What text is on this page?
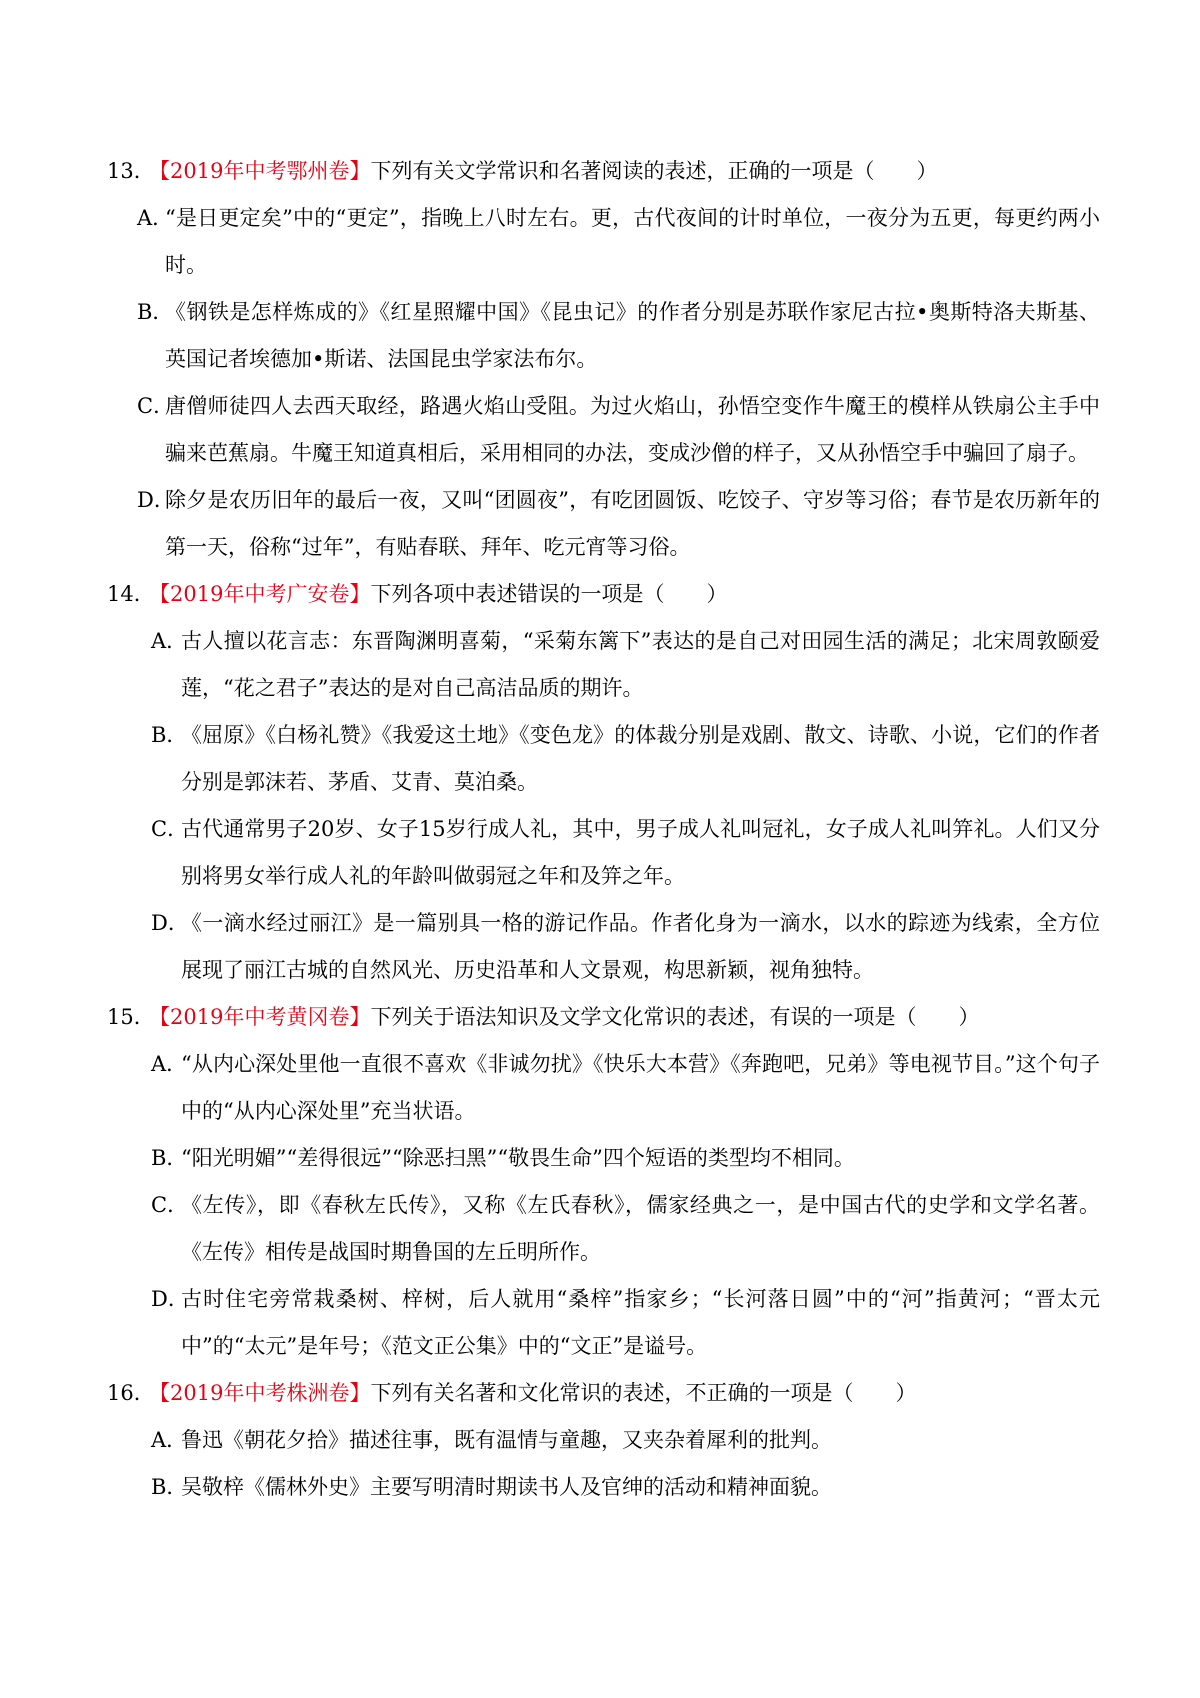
13．
【2019年中考鄂州卷】 下列有关文学常识和名著阅读的表述，正确的一项是（　　）
A．
“是日更定矣”中的“更定”，指晚上八时左右。更，古代夜间的计时单位，一夜分为五更，每更约两小时。
B．
《钢铁是怎样炼成的》《红星照耀中国》《昆虫记》的作者分别是苏联作家尼古拉•奥斯特洛夫斯基、英国记者埃德加•斯诺、法国昆虫学家法布尔。
C．
唐僧师徒四人去西天取经，路遇火焰山受阻。为过火焰山，孙悟空变作牛魔王的模样从铁扇公主手中骗来芭蕉扇。牛魔王知道真相后，采用相同的办法，变成沙僧的样子，又从孙悟空手中骗回了扇子。
D．
除夕是农历旧年的最后一夜，又叫“团圆夜”，有吃团圆饭、吃饺子、守岁等习俗；春节是农历新年的第一天，俗称“过年”，有贴春联、拜年、吃元宵等习俗。
14．
【2019年中考广安卷】 下列各项中表述错误的一项是（　　）
A．
古人擅以花言志：东晋陶渊明喜菊，“采菊东篱下”表达的是自己对田园生活的满足；北宋周敦颐爱莲，“花之君子”表达的是对自己高洁品质的期许。
B．
《屈原》《白杨礼赞》《我爱这土地》《变色龙》的体裁分别是戏剧、散文、诗歌、小说，它们的作者分别是郭沫若、茅盾、艾青、莫泊桑。
C．
古代通常男子20岁、女子15岁行成人礼，其中，男子成人礼叫冠礼，女子成人礼叫笄礼。人们又分别将男女举行成人礼的年龄叫做弱冠之年和及笄之年。
D．
《一滴水经过丽江》是一篇别具一格的游记作品。作者化身为一滴水，以水的踪迹为线索，全方位展现了丽江古城的自然风光、历史沿革和人文景观，构思新颖，视角独特。
15．
【2019年中考黄冈卷】 下列关于语法知识及文学文化常识的表述，有误的一项是（　　）
A．
“从内心深处里他一直很不喜欢《非诚勿扰》《快乐大本营》《奔跑吧，兄弟》等电视节目。”这个句子中的“从内心深处里”充当状语。
B．
“阳光明媚”“差得很远”“除恶扫黑”“敬畏生命”四个短语的类型均不相同。
C．
《左传》，即《春秋左氏传》，又称《左氏春秋》，儒家经典之一，是中国古代的史学和文学名著。《左传》相传是战国时期鲁国的左丘明所作。
D．
古时住宅旁常栽桑树、梓树，后人就用“桑梓”指家乡；“长河落日圆”中的“河”指黄河；“晋太元中”的“太元”是年号；《范文正公集》中的“文正”是谥号。
16．
【2019年中考株洲卷】 下列有关名著和文化常识的表述，不正确的一项是（　　）
A．
鲁迅《朝花夕拾》描述往事，既有温情与童趣，又夹杂着犀利的批判。
B．
吴敬梓《儒林外史》主要写明清时期读书人及官绅的活动和精神面貌。
